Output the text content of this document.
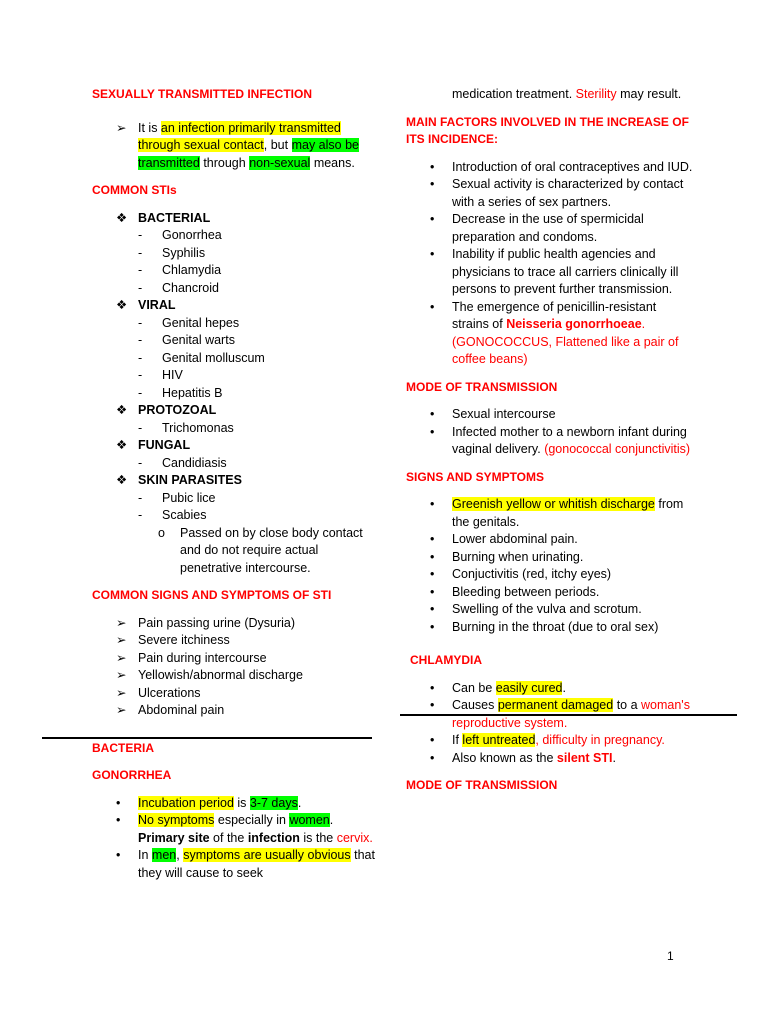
SEXUALLY TRANSMITTED INFECTION
➢ It is an infection primarily transmitted through sexual contact, but may also be transmitted through non-sexual means.
COMMON STIs
❖ BACTERIAL
- Gonorrhea
- Syphilis
- Chlamydia
- Chancroid
❖ VIRAL
- Genital hepes
- Genital warts
- Genital molluscum
- HIV
- Hepatitis B
❖ PROTOZOAL
- Trichomonas
❖ FUNGAL
- Candidiasis
❖ SKIN PARASITES
- Pubic lice
- Scabies
o Passed on by close body contact and do not require actual penetrative intercourse.
COMMON SIGNS AND SYMPTOMS OF STI
➢ Pain passing urine (Dysuria)
➢ Severe itchiness
➢ Pain during intercourse
➢ Yellowish/abnormal discharge
➢ Ulcerations
➢ Abdominal pain
BACTERIA
GONORRHEA
• Incubation period is 3-7 days.
• No symptoms especially in women.
Primary site of the infection is the cervix.
• In men, symptoms are usually obvious that they will cause to seek
medication treatment. Sterility may result.
MAIN FACTORS INVOLVED IN THE INCREASE OF ITS INCIDENCE:
• Introduction of oral contraceptives and IUD.
• Sexual activity is characterized by contact with a series of sex partners.
• Decrease in the use of spermicidal preparation and condoms.
• Inability if public health agencies and physicians to trace all carriers clinically ill persons to prevent further transmission.
• The emergence of penicillin-resistant strains of Neisseria gonorrhoeae.
(GONOCOCCUS, Flattened like a pair of coffee beans)
MODE OF TRANSMISSION
• Sexual intercourse
• Infected mother to a newborn infant during vaginal delivery. (gonococcal conjunctivitis)
SIGNS AND SYMPTOMS
• Greenish yellow or whitish discharge from the genitals.
• Lower abdominal pain.
• Burning when urinating.
• Conjuctivitis (red, itchy eyes)
• Bleeding between periods.
• Swelling of the vulva and scrotum.
• Burning in the throat (due to oral sex)
CHLAMYDIA
• Can be easily cured.
• Causes permanent damaged to a woman's reproductive system.
• If left untreated, difficulty in pregnancy.
• Also known as the silent STI.
MODE OF TRANSMISSION
1
